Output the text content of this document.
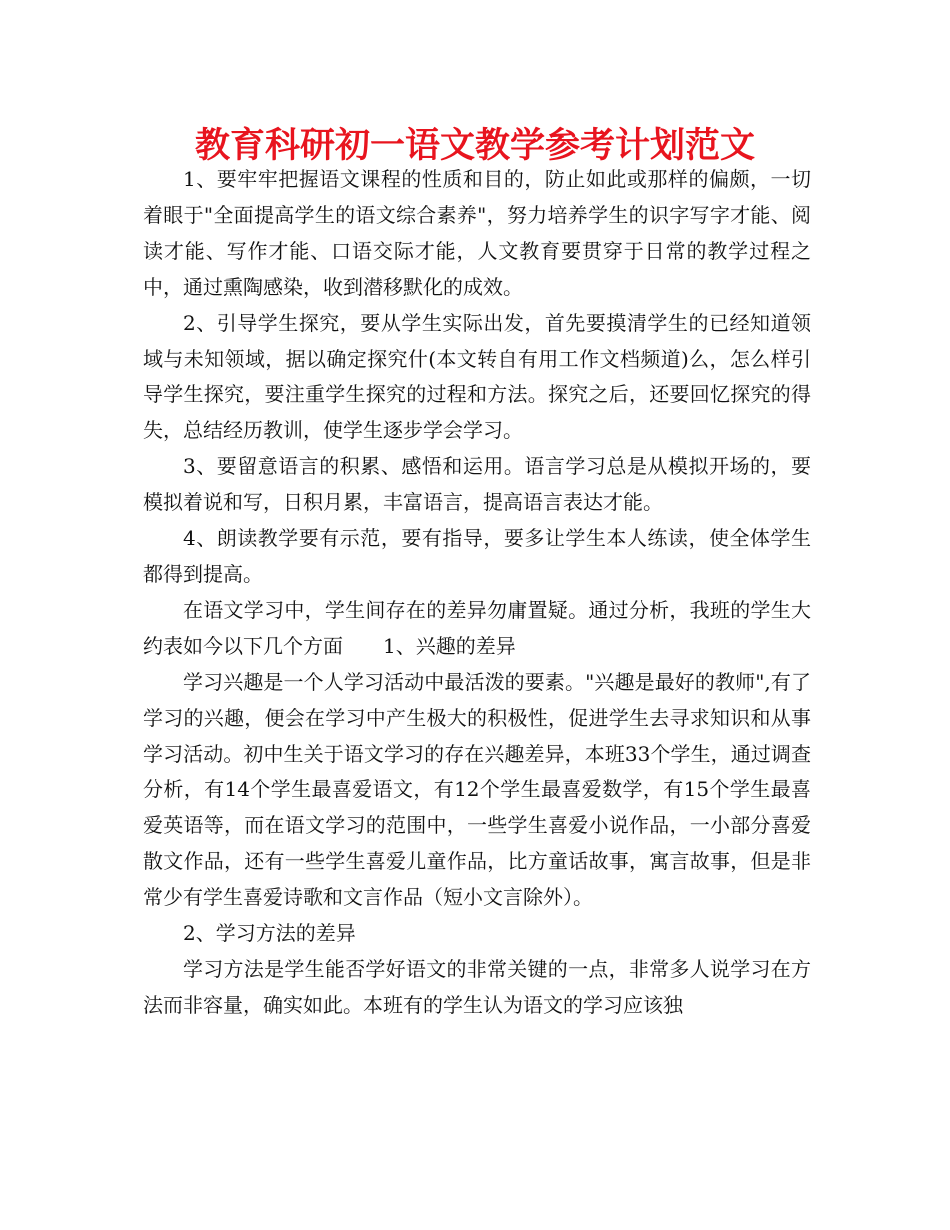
教育科研初一语文教学参考计划范文

1、要牢牢把握语文课程的性质和目的，防止如此或那样的偏颇，一切着眼于"全面提高学生的语文综合素养"，努力培养学生的识字写字才能、阅读才能、写作才能、口语交际才能，人文教育要贯穿于日常的教学过程之中，通过熏陶感染，收到潜移默化的成效。

2、引导学生探究，要从学生实际出发，首先要摸清学生的已经知道领域与未知领域，据以确定探究什(本文转自有用工作文档频道)么，怎么样引导学生探究，要注重学生探究的过程和方法。探究之后，还要回忆探究的得失，总结经历教训，使学生逐步学会学习。

3、要留意语言的积累、感悟和运用。语言学习总是从模拟开场的，要模拟着说和写，日积月累，丰富语言，提高语言表达才能。

4、朗读教学要有示范，要有指导，要多让学生本人练读，使全体学生都得到提高。

在语文学习中，学生间存在的差异勿庸置疑。通过分析，我班的学生大约表如今以下几个方面　　1、兴趣的差异

学习兴趣是一个人学习活动中最活泼的要素。"兴趣是最好的教师",有了学习的兴趣，便会在学习中产生极大的积极性，促进学生去寻求知识和从事学习活动。初中生关于语文学习的存在兴趣差异，本班33个学生，通过调查分析，有14个学生最喜爱语文，有12个学生最喜爱数学，有15个学生最喜爱英语等，而在语文学习的范围中，一些学生喜爱小说作品，一小部分喜爱散文作品，还有一些学生喜爱儿童作品，比方童话故事，寓言故事，但是非常少有学生喜爱诗歌和文言作品（短小文言除外）。

2、学习方法的差异

学习方法是学生能否学好语文的非常关键的一点，非常多人说学习在方法而非容量，确实如此。本班有的学生认为语文的学习应该独
